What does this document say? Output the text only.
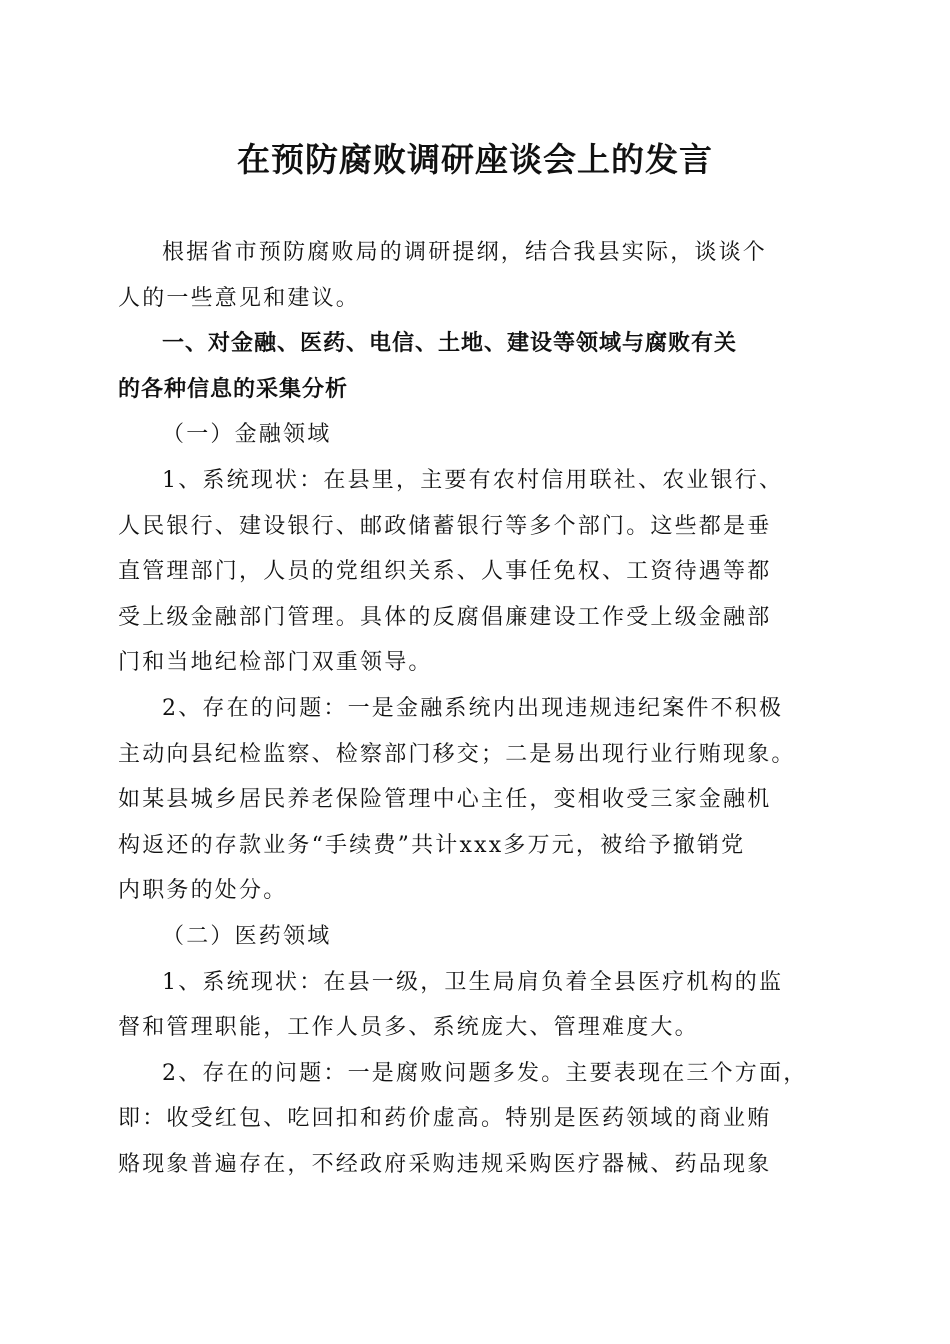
在预防腐败调研座谈会上的发言
根据省市预防腐败局的调研提纲，结合我县实际，谈谈个
人的一些意见和建议。
一、对金融、医药、电信、土地、建设等领域与腐败有关
的各种信息的采集分析
（一）金融领域
1、系统现状：在县里，主要有农村信用联社、农业银行、
人民银行、建设银行、邮政储蓄银行等多个部门。这些都是垂
直管理部门，人员的党组织关系、人事任免权、工资待遇等都
受上级金融部门管理。具体的反腐倡廉建设工作受上级金融部
门和当地纪检部门双重领导。
2、存在的问题：一是金融系统内出现违规违纪案件不积极
主动向县纪检监察、检察部门移交；二是易出现行业行贿现象。
如某县城乡居民养老保险管理中心主任，变相收受三家金融机
构返还的存款业务“手续费”共计xxx多万元，被给予撤销党
内职务的处分。
（二）医药领域
1、系统现状：在县一级，卫生局肩负着全县医疗机构的监
督和管理职能，工作人员多、系统庞大、管理难度大。
2、存在的问题：一是腐败问题多发。主要表现在三个方面，
即：收受红包、吃回扣和药价虚高。特别是医药领域的商业贿
赂现象普遍存在，不经政府采购违规采购医疗器械、药品现象
